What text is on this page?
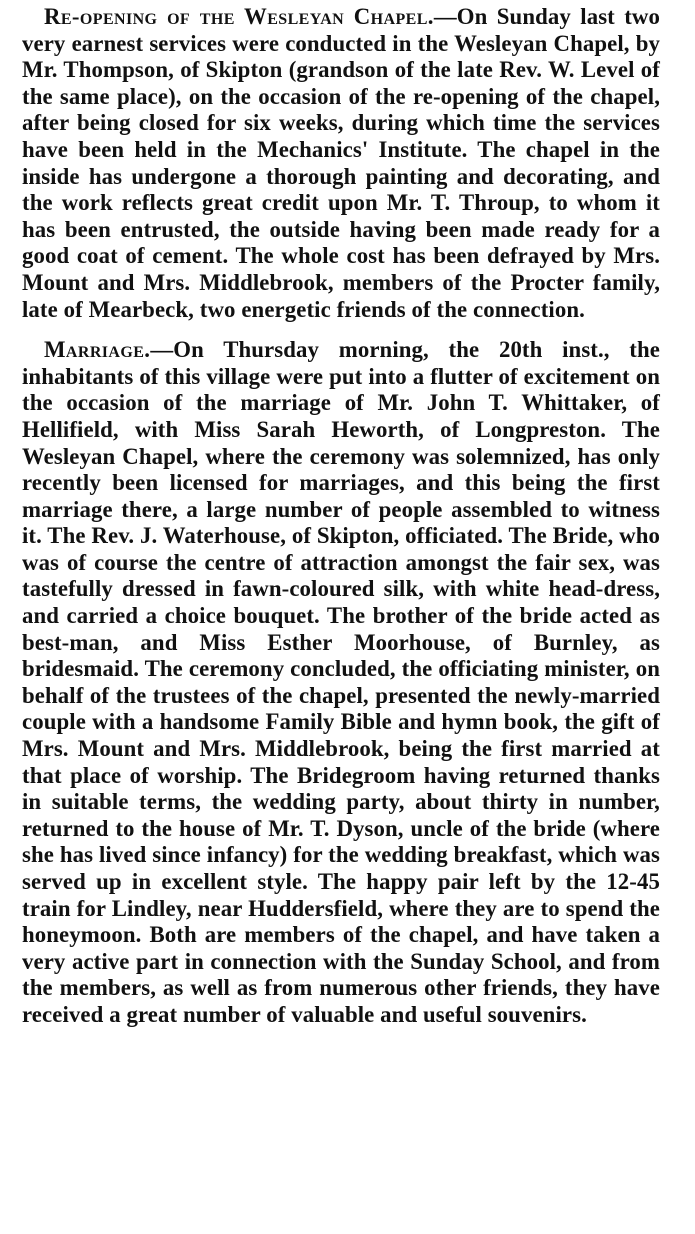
Re-opening of the Wesleyan Chapel.—On Sunday last two very earnest services were conducted in the Wesleyan Chapel, by Mr. Thompson, of Skipton (grandson of the late Rev. W. Level of the same place), on the occasion of the re-opening of the chapel, after being closed for six weeks, during which time the services have been held in the Mechanics' Institute. The chapel in the inside has undergone a thorough painting and decorating, and the work reflects great credit upon Mr. T. Throup, to whom it has been entrusted, the outside having been made ready for a good coat of cement. The whole cost has been defrayed by Mrs. Mount and Mrs. Middlebrook, members of the Procter family, late of Mearbeck, two energetic friends of the connection.

Marriage.—On Thursday morning, the 20th inst., the inhabitants of this village were put into a flutter of excitement on the occasion of the marriage of Mr. John T. Whittaker, of Hellifield, with Miss Sarah Heworth, of Longpreston. The Wesleyan Chapel, where the ceremony was solemnized, has only recently been licensed for marriages, and this being the first marriage there, a large number of people assembled to witness it. The Rev. J. Waterhouse, of Skipton, officiated. The Bride, who was of course the centre of attraction amongst the fair sex, was tastefully dressed in fawn-coloured silk, with white head-dress, and carried a choice bouquet. The brother of the bride acted as best-man, and Miss Esther Moorhouse, of Burnley, as bridesmaid. The ceremony concluded, the officiating minister, on behalf of the trustees of the chapel, presented the newly-married couple with a handsome Family Bible and hymn book, the gift of Mrs. Mount and Mrs. Middlebrook, being the first married at that place of worship. The Bridegroom having returned thanks in suitable terms, the wedding party, about thirty in number, returned to the house of Mr. T. Dyson, uncle of the bride (where she has lived since infancy) for the wedding breakfast, which was served up in excellent style. The happy pair left by the 12-45 train for Lindley, near Huddersfield, where they are to spend the honeymoon. Both are members of the chapel, and have taken a very active part in connection with the Sunday School, and from the members, as well as from numerous other friends, they have received a great number of valuable and useful souvenirs.
